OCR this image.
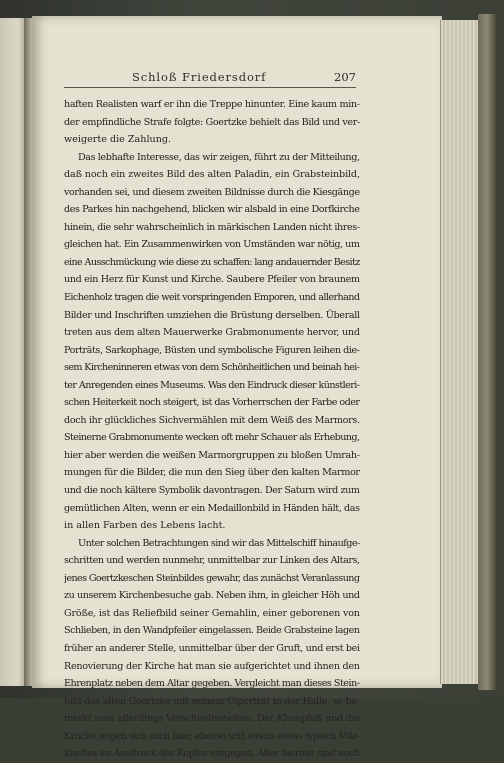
Schloß Friedersdorf	207
haften Realisten warf er ihn die Treppe hinunter. Eine kaum min-
der empfindliche Strafe folgte: Goertzke behielt das Bild und ver-
weigerte die Zahlung.
Das lebhafte Interesse, das wir zeigen, führt zu der Mitteilung,
daß noch ein zweites Bild des alten Paladin, ein Grabsteinbild,
vorhanden sei, und diesem zweiten Bildnisse durch die Kiesgänge
des Parkes hin nachgehend, blicken wir alsbald in eine Dorfkirche
hinein, die sehr wahrscheinlich in märkischen Landen nicht ihres-
gleichen hat. Ein Zusammenwirken von Umständen war nötig, um
eine Ausschmückung wie diese zu schaffen: lang andauernder Besitz
und ein Herz für Kunst und Kirche. Saubere Pfeiler von braunem
Eichenholz tragen die weit vorspringenden Emporen, und allerhand
Bilder und Inschriften umziehen die Brüstung derselben. Überall
treten aus dem alten Mauerwerke Grabmonumente hervor, und
Porträts, Sarkophage, Büsten und symbolische Figuren leihen die-
sem Kircheninneren etwas von dem Schönheitlichen und beinah hei-
ter Anregenden eines Museums. Was den Eindruck dieser künstleri-
schen Heiterkeit noch steigert, ist das Vorherrschen der Farbe oder
doch ihr glückliches Sichvermählen mit dem Weiß des Marmors.
Steinerne Grabmonumente wecken oft mehr Schauer als Erhebung,
hier aber werden die weißen Marmorgruppen zu bloßen Umrah-
mungen für die Bilder, die nun den Sieg über den kalten Marmor
und die noch kältere Symbolik davontragen. Der Saturn wird zum
gemütlichen Alten, wenn er ein Medaillonbild in Händen hält, das
in allen Farben des Lebens lacht.
Unter solchen Betrachtungen sind wir das Mittelschiff hinaufge-
schritten und werden nunmehr, unmittelbar zur Linken des Altars,
jenes Goertzkeschen Steinbildes gewahr, das zunächst Veranlassung
zu unserem Kirchenbesuche gab. Neben ihm, in gleicher Höh und
Größe, ist das Reliefbild seiner Gemahlin, einer geborenen von
Schlieben, in den Wandpfeiler eingelassen. Beide Grabsteine lagen
früher an anderer Stelle, unmittelbar über der Gruft, und erst bei
Renovierung der Kirche hat man sie aufgerichtet und ihnen den
Ehrenplatz neben dem Altar gegeben. Vergleicht man dieses Stein-
bild des alten Goertzke mit seinem Ölporträt in der Halle, so be-
merkt man allerdings Verschiedenheiten. Der Klumpfuß und die
Krücke zeigen sich auch hier; ebenso tritt einem etwas typisch Mär-
kisches im Ausdruck des Kopfes entgegen. Aber hiermit sind auch
